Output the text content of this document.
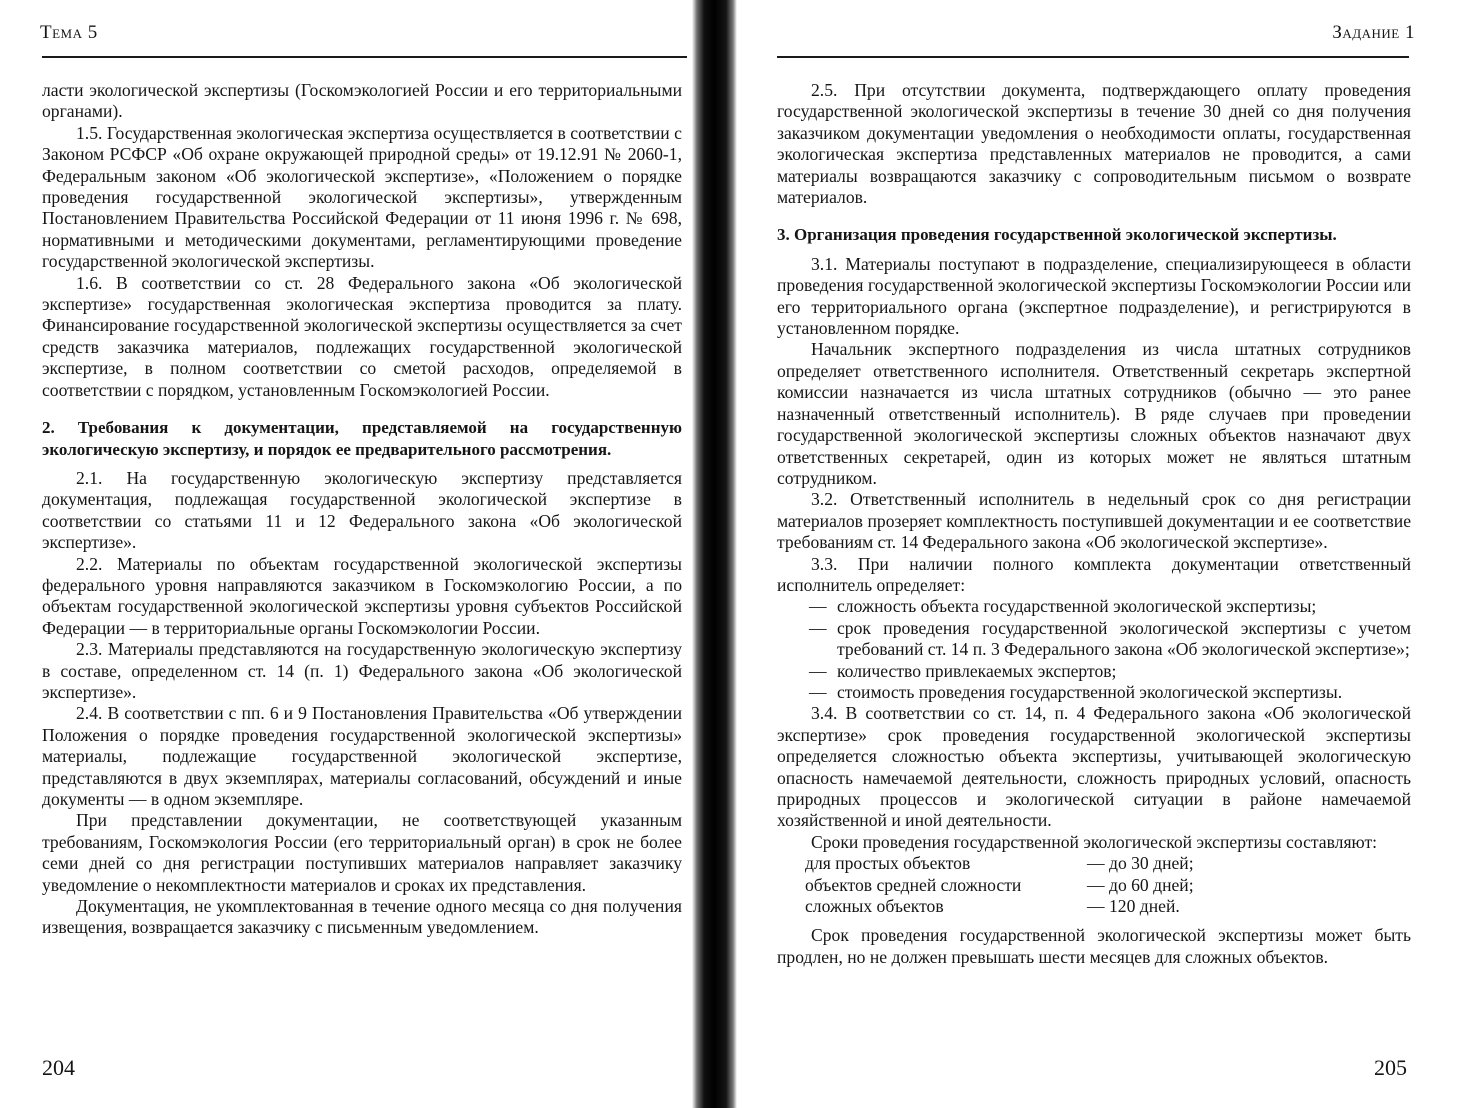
Тема 5

ласти экологической экспертизы (Госкомэкологией России и его территориальными органами).

1.5. Государственная экологическая экспертиза осуществляется в соответствии с Законом РСФСР «Об охране окружающей природной среды» от 19.12.91 № 2060-1, Федеральным законом «Об экологической экспертизе», «Положением о порядке проведения государственной экологической экспертизы», утвержденным Постановлением Правительства Российской Федерации от 11 июня 1996 г. № 698, нормативными и методическими документами, регламентирующими проведение государственной экологической экспертизы.

1.6. В соответствии со ст. 28 Федерального закона «Об экологической экспертизе» государственная экологическая экспертиза проводится за плату. Финансирование государственной экологической экспертизы осуществляется за счет средств заказчика материалов, подлежащих государственной экологической экспертизе, в полном соответствии со сметой расходов, определяемой в соответствии с порядком, установленным Госкомэкологией России.

2. Требования к документации, представляемой на государственную экологическую экспертизу, и порядок ее предварительного рассмотрения.

2.1. На государственную экологическую экспертизу представляется документация, подлежащая государственной экологической экспертизе в соответствии со статьями 11 и 12 Федерального закона «Об экологической экспертизе».

2.2. Материалы по объектам государственной экологической экспертизы федерального уровня направляются заказчиком в Госкомэкологию России, а по объектам государственной экологической экспертизы уровня субъектов Российской Федерации — в территориальные органы Госкомэкологии России.

2.3. Материалы представляются на государственную экологическую экспертизу в составе, определенном ст. 14 (п. 1) Федерального закона «Об экологической экспертизе».

2.4. В соответствии с пп. 6 и 9 Постановления Правительства «Об утверждении Положения о порядке проведения государственной экологической экспертизы» материалы, подлежащие государственной экологической экспертизе, представляются в двух экземплярах, материалы согласований, обсуждений и иные документы — в одном экземпляре.

При представлении документации, не соответствующей указанным требованиям, Госкомэкология России (его территориальный орган) в срок не более семи дней со дня регистрации поступивших материалов направляет заказчику уведомление о некомплектности материалов и сроках их представления.

Документация, не укомплектованная в течение одного месяца со дня получения извещения, возвращается заказчику с письменным уведомлением.

204
Задание 1

2.5. При отсутствии документа, подтверждающего оплату проведения государственной экологической экспертизы в течение 30 дней со дня получения заказчиком документации уведомления о необходимости оплаты, государственная экологическая экспертиза представленных материалов не проводится, а сами материалы возвращаются заказчику с сопроводительным письмом о возврате материалов.

3. Организация проведения государственной экологической экспертизы.

3.1. Материалы поступают в подразделение, специализирующееся в области проведения государственной экологической экспертизы Госкомэкологии России или его территориального органа (экспертное подразделение), и регистрируются в установленном порядке.

Начальник экспертного подразделения из числа штатных сотрудников определяет ответственного исполнителя. Ответственный секретарь экспертной комиссии назначается из числа штатных сотрудников (обычно — это ранее назначенный ответственный исполнитель). В ряде случаев при проведении государственной экологической экспертизы сложных объектов назначают двух ответственных секретарей, один из которых может не являться штатным сотрудником.

3.2. Ответственный исполнитель в недельный срок со дня регистрации материалов прозеряет комплектность поступившей документации и ее соответствие требованиям ст. 14 Федерального закона «Об экологической экспертизе».

3.3. При наличии полного комплекта документации ответственный исполнитель определяет:

— сложность объекта государственной экологической экспертизы;
— срок проведения государственной экологической экспертизы с учетом требований ст. 14 п. 3 Федерального закона «Об экологической экспертизе»;
— количество привлекаемых экспертов;
— стоимость проведения государственной экологической экспертизы.

3.4. В соответствии со ст. 14, п. 4 Федерального закона «Об экологической экспертизе» срок проведения государственной экологической экспертизы определяется сложностью объекта экспертизы, учитывающей экологическую опасность намечаемой деятельности, сложность природных условий, опасность природных процессов и экологической ситуации в районе намечаемой хозяйственной и иной деятельности.

Сроки проведения государственной экологической экспертизы составляют:

для простых объектов	— до 30 дней;
объектов средней сложности	— до 60 дней;
сложных объектов	— 120 дней.

Срок проведения государственной экологической экспертизы может быть продлен, но не должен превышать шести месяцев для сложных объектов.

205
